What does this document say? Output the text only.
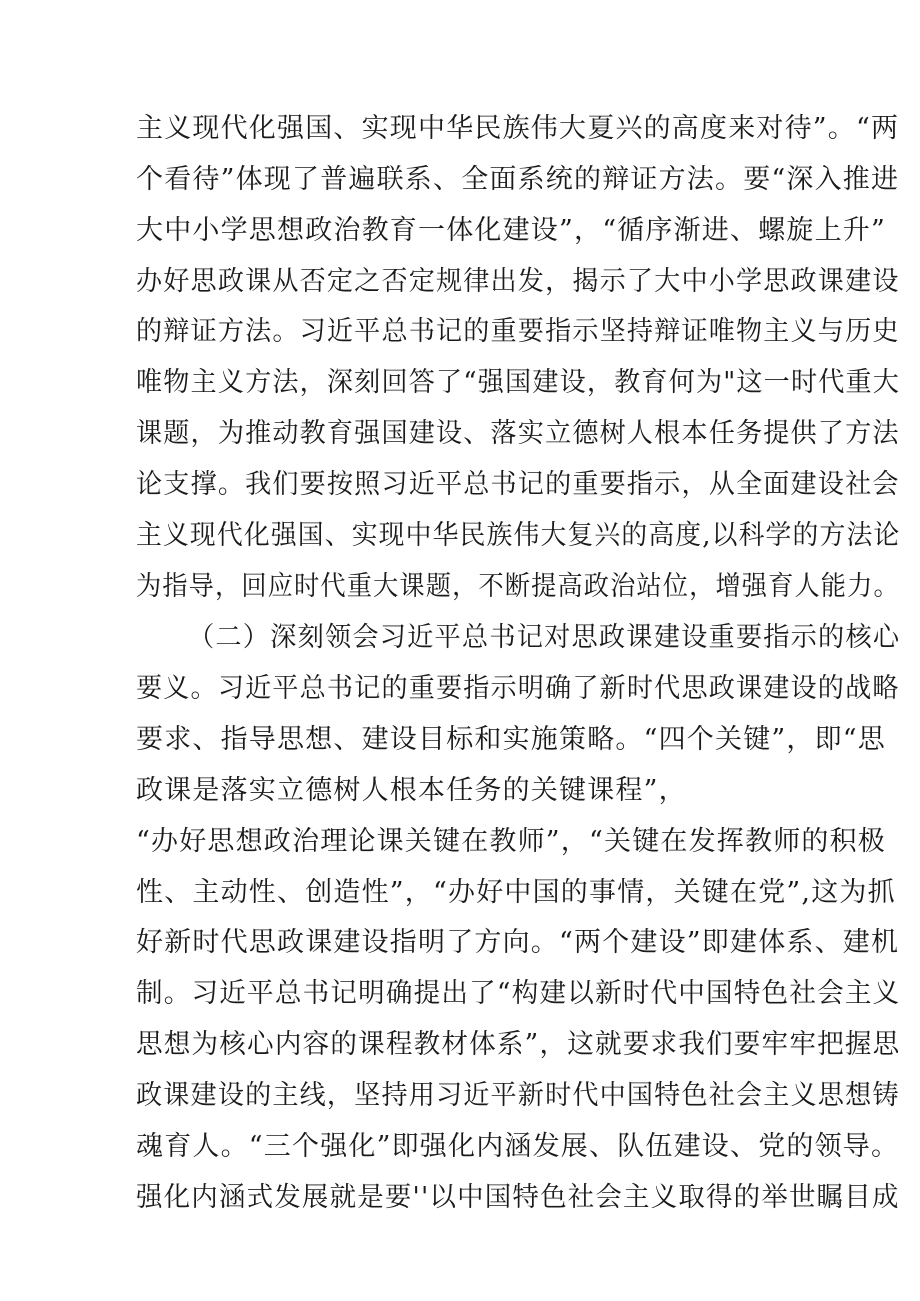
主义现代化强国、实现中华民族伟大夏兴的高度来对待”。“两
个看待”体现了普遍联系、全面系统的辩证方法。要“深入推进
大中小学思想政治教育一体化建设”，“循序渐进、螺旋上升”
办好思政课从否定之否定规律出发，揭示了大中小学思政课建设
的辩证方法。习近平总书记的重要指示坚持辩证唯物主义与历史
唯物主义方法，深刻回答了“强国建设，教育何为"这一时代重大
课题，为推动教育强国建设、落实立德树人根本任务提供了方法
论支撑。我们要按照习近平总书记的重要指示，从全面建设社会
主义现代化强国、实现中华民族伟大复兴的高度,以科学的方法论
为指导，回应时代重大课题，不断提高政治站位，增强育人能力。
（二）深刻领会习近平总书记对思政课建设重要指示的核心
要义。习近平总书记的重要指示明确了新时代思政课建设的战略
要求、指导思想、建设目标和实施策略。“四个关键”，即“思
政课是落实立德树人根本任务的关键课程”，
“办好思想政治理论课关键在教师”，“关键在发挥教师的积极
性、主动性、创造性”，“办好中国的事情，关键在党”,这为抓
好新时代思政课建设指明了方向。“两个建设”即建体系、建机
制。习近平总书记明确提出了“构建以新时代中国特色社会主义
思想为核心内容的课程教材体系”，这就要求我们要牢牢把握思
政课建设的主线，坚持用习近平新时代中国特色社会主义思想铸
魂育人。“三个强化”即强化内涵发展、队伍建设、党的领导。
强化内涵式发展就是要''以中国特色社会主义取得的举世瞩目成
